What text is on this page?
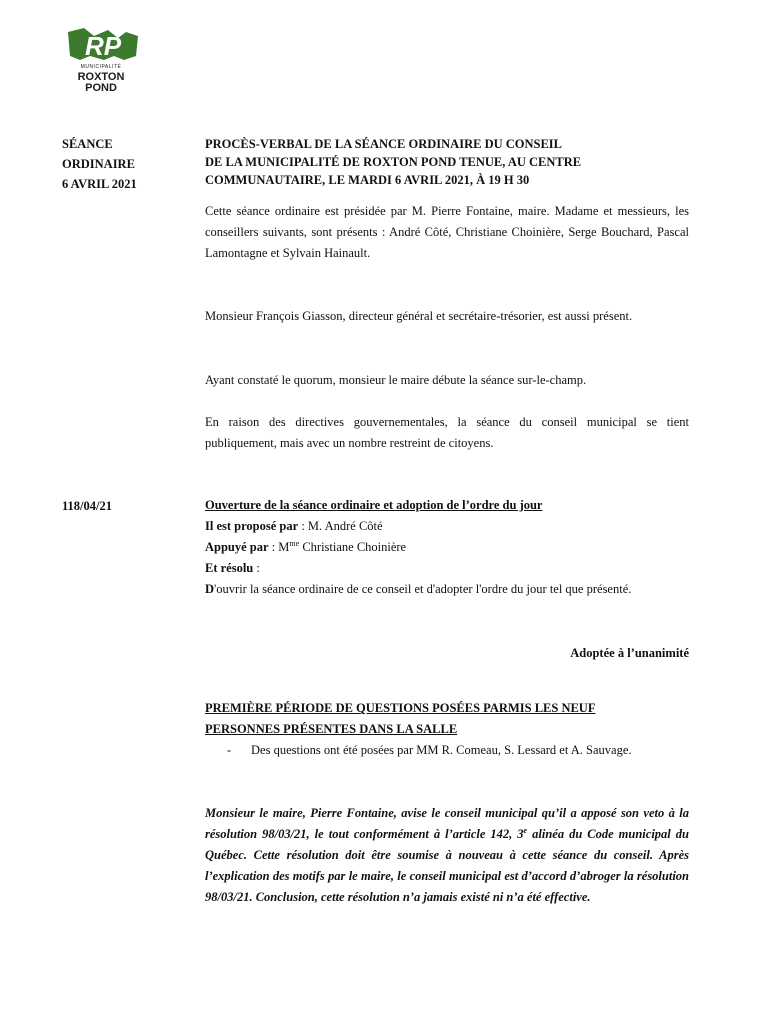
RP
MUNICIPALITÉ
ROXTON
POND
SÉANCE
ORDINAIRE
6 AVRIL 2021
118/04/21
PROCÈS-VERBAL DE LA SÉANCE ORDINAIRE DU CONSEIL
DE LA MUNICIPALITÉ DE ROXTON POND TENUE, AU CENTRE
COMMUNAUTAIRE, LE MARDI 6 AVRIL 2021, À 19 H 30
Cette séance ordinaire est présidée par M. Pierre Fontaine, maire. Madame et messieurs, les conseillers suivants, sont présents : André Côté, Christiane Choinière, Serge Bouchard, Pascal Lamontagne et Sylvain Hainault.
Monsieur François Giasson, directeur général et secrétaire-trésorier, est aussi présent.
Ayant constaté le quorum, monsieur le maire débute la séance sur-le-champ.
En raison des directives gouvernementales, la séance du conseil municipal se tient publiquement, mais avec un nombre restreint de citoyens.
Ouverture de la séance ordinaire et adoption de l’ordre du jour
Il est proposé par : M. André Côté
Appuyé par : $M^{me}$ Christiane Choinière
Et résolu :
D'ouvrir la séance ordinaire de ce conseil et d'adopter l'ordre du jour tel que présenté.
Adoptée à l’unanimité
PREMIÈRE PÉRIODE DE QUESTIONS POSÉES PARMIS LES NEUF
PERSONNES PRÉSENTES DANS LA SALLE
-	Des questions ont été posées par MM R. Comeau, S. Lessard et A. Sauvage.
Monsieur le maire, Pierre Fontaine, avise le conseil municipal qu’il a apposé son veto à la résolution 98/03/21, le tout conformément à l’article 142, 3e alinéa du Code municipal du Québec. Cette résolution doit être soumise à nouveau à cette séance du conseil. Après l’explication des motifs par le maire, le conseil municipal est d’accord d’abroger la résolution 98/03/21. Conclusion, cette résolution n’a jamais existé ni n’a été effective.
